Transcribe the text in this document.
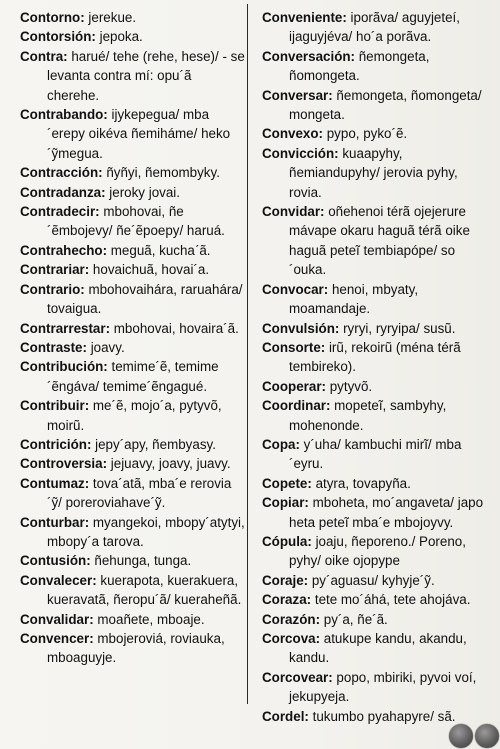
Contorno: jerekue.
Contorsión: jepoka.
Contra: harué/ tehe (rehe, hese)/ - se levanta contra mí: opu´ã cherehe.
Contrabando: ijykepegua/ mba´erepy oikéva ñemiháme/ heko´ỹmegua.
Contracción: ñyñyi, ñemombyky.
Contradanza: jeroky jovai.
Contradecir: mbohovai, ñe´ẽmbojevy/ ñe´ẽpoepy/ haruá.
Contrahecho: meguã, kuchaˊã.
Contrariar: hovaichuã, hovai´a.
Contrario: mbohovaihára, raruahára/ tovaigua.
Contrarrestar: mbohovai, hovaira´ã.
Contraste: joavy.
Contribución: temime´ẽ, temime´ẽngáva/ temime´ẽngagué.
Contribuir: me´ẽ, mojo´a, pytyvõ, moirũ.
Contrición: jepy´apy, ñembyasy.
Controversia: jejuavy, joavy, juavy.
Contumaz: tova´atã, mba´e rerovia´ỹ/ poreroviahave´ỹ.
Conturbar: myangekoi, mbopy´atytyi, mbopy´a tarova.
Contusión: ñehunga, tunga.
Convalecer: kuerapota, kuerakuera, kueravatã, ñeropu´ã/ kueraheñã.
Convalidar: moañete, mboaje.
Convencer: mbojeroviá, roviauka, mboaguyje.
Conveniente: iporãva/ aguyjeteí, ijaguyjéva/ ho´a porãva.
Conversación: ñemongeta, ñomongeta.
Conversar: ñemongeta, ñomongeta/ mongeta.
Convexo: pypo, pyko´ẽ.
Convicción: kuaapyhy, ñemiandupyhy/ jerovia pyhy, rovia.
Convidar: oñehenoi térã ojejerure mávape okaru haguã térã oike haguã peteĩ tembiapópe/ so´ouka.
Convocar: henoi, mbyaty, moamandaje.
Convulsión: ryryi, ryryipa/ susũ.
Consorte: irũ, rekoirũ (ména térã tembireko).
Cooperar: pytyvõ.
Coordinar: mopeteĩ, sambyhy, mohenonde.
Copa: y´uha/ kambuchi mirĩ/ mba´eyru.
Copete: atyra, tovapyña.
Copiar: mboheta, mo´angaveta/ japo heta peteĩ mba´e mbojoyvy.
Cópula: joaju, ñeporeno./ Poreno, pyhy/ oike ojopype
Coraje: py´aguasu/ kyhyje´ỹ.
Coraza: tete mo´áhá, tete ahojáva.
Corazón: py´a, ñe´ã.
Corcova: atukupe kandu, akandu, kandu.
Corcovear: popo, mbiriki, pyvoi voí, jekupyeja.
Cordel: tukumbo pyahapyre/ sã.
